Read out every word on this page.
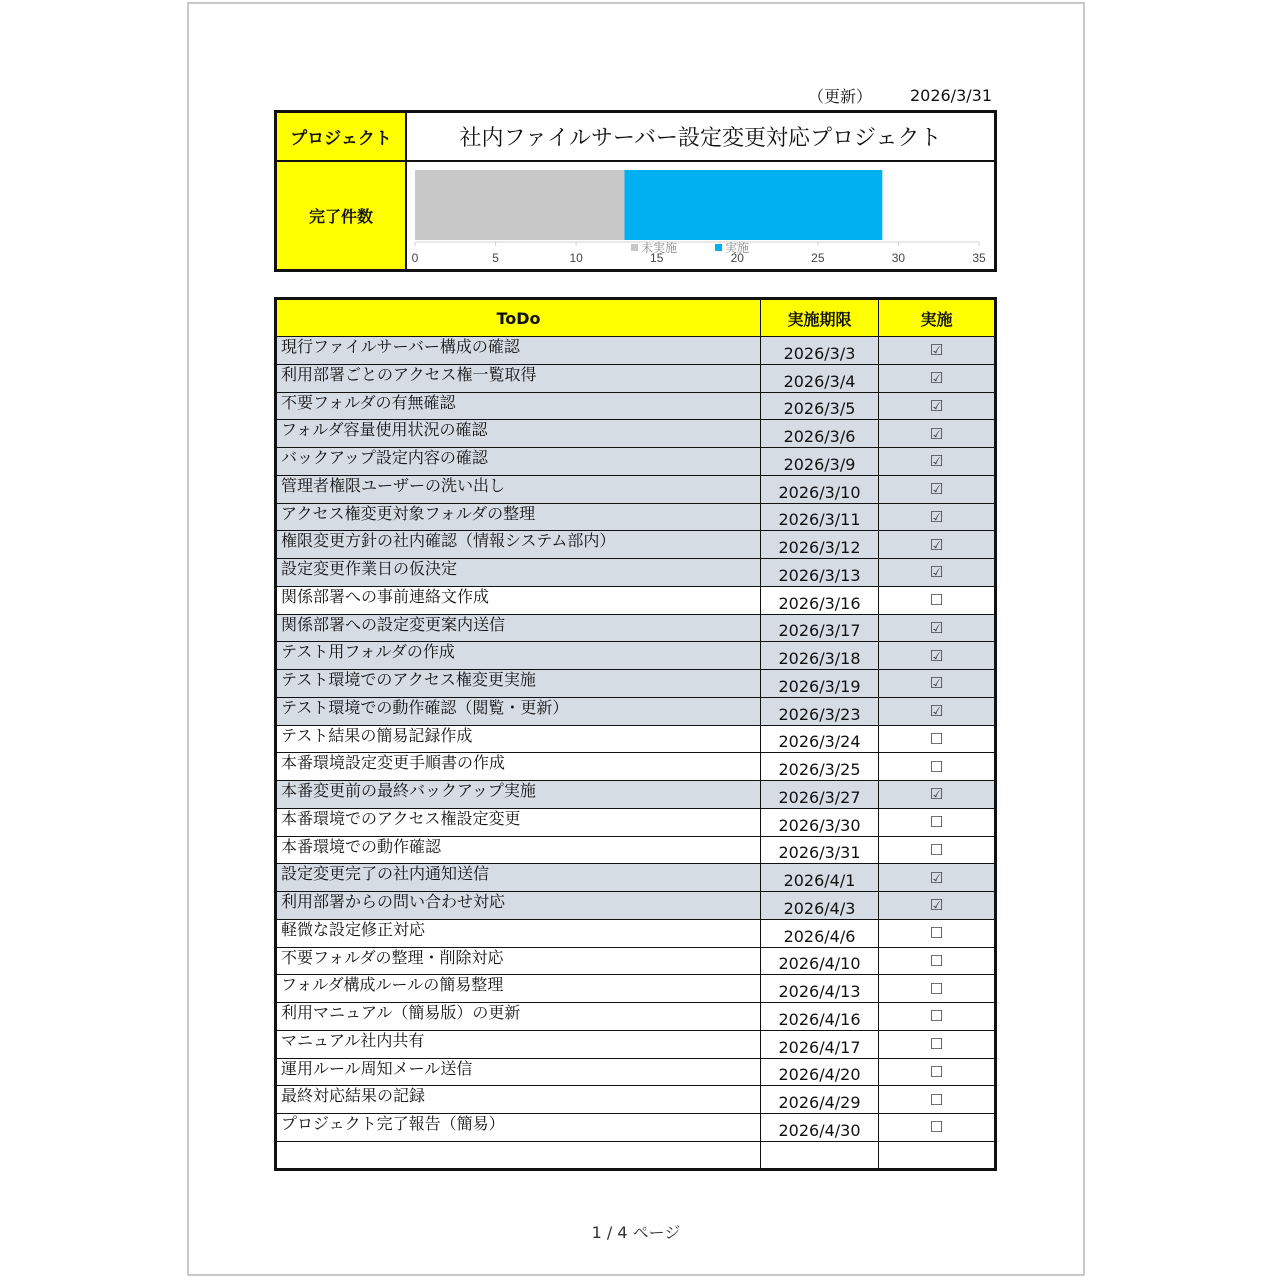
（更新） 2026/3/31
プロジェクト	社内ファイルサーバー設定変更対応プロジェクト
完了件数
0	5	10	15	20	25	30	35
未実施	実施
ToDo	実施期限	実施
現行ファイルサーバー構成の確認	2026/3/3	☑
利用部署ごとのアクセス権一覧取得	2026/3/4	☑
不要フォルダの有無確認	2026/3/5	☑
フォルダ容量使用状況の確認	2026/3/6	☑
バックアップ設定内容の確認	2026/3/9	☑
管理者権限ユーザーの洗い出し	2026/3/10	☑
アクセス権変更対象フォルダの整理	2026/3/11	☑
権限変更方針の社内確認（情報システム部内）	2026/3/12	☑
設定変更作業日の仮決定	2026/3/13	☑
関係部署への事前連絡文作成	2026/3/16	☐
関係部署への設定変更案内送信	2026/3/17	☑
テスト用フォルダの作成	2026/3/18	☑
テスト環境でのアクセス権変更実施	2026/3/19	☑
テスト環境での動作確認（閲覧・更新）	2026/3/23	☑
テスト結果の簡易記録作成	2026/3/24	☐
本番環境設定変更手順書の作成	2026/3/25	☐
本番変更前の最終バックアップ実施	2026/3/27	☑
本番環境でのアクセス権設定変更	2026/3/30	☐
本番環境での動作確認	2026/3/31	☐
設定変更完了の社内通知送信	2026/4/1	☑
利用部署からの問い合わせ対応	2026/4/3	☑
軽微な設定修正対応	2026/4/6	☐
不要フォルダの整理・削除対応	2026/4/10	☐
フォルダ構成ルールの簡易整理	2026/4/13	☐
利用マニュアル（簡易版）の更新	2026/4/16	☐
マニュアル社内共有	2026/4/17	☐
運用ルール周知メール送信	2026/4/20	☐
最終対応結果の記録	2026/4/29	☐
プロジェクト完了報告（簡易）	2026/4/30	☐

1 / 4 ページ
